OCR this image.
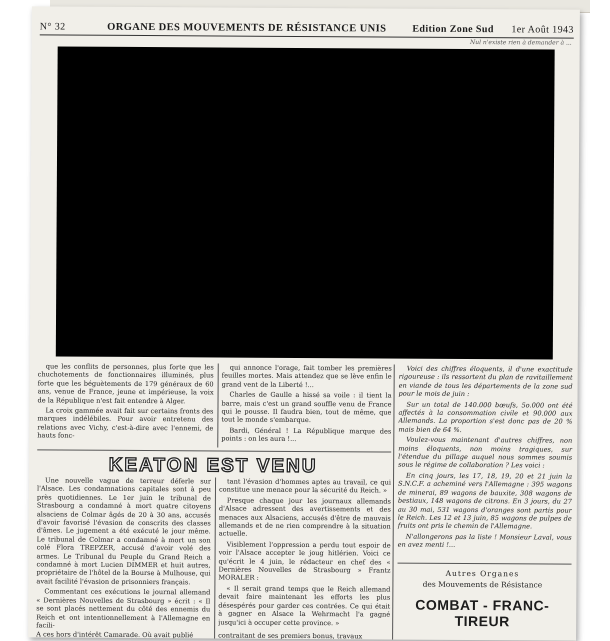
N° 32	ORGANE DES MOUVEMENTS DE RÉSISTANCE UNIS	Edition Zone Sud	1er Août 1943
Nul n'existe rien à demander à ...

que les conflits de personnes, plus forte que les chuchotements de fonctionnaires illuminés, plus forte que les béguètements de 179 généraux de 60 ans, venue de France, jeune et impérieuse, la voix de la République n'est fait entendre à Alger.

La croix gammée avait fait sur certains fronts des marques indélébiles. Pour avoir entretenu des relations avec Vichy, c'est-à-dire avec l'ennemi, de hauts fonc-

qui annonce l'orage, fait tomber les premières feuilles mortes. Mais attendez que se lève enfin le grand vent de la Liberté !...

Charles de Gaulle a hissé sa voile : il tient la barre, mais c'est un grand souffle venu de France qui le pousse. Il faudra bien, tout de même, que tout le monde s'embarque.

Bardi, Général ! La République marque des points : on les aura !...

KEATON EST VENU

Une nouvelle vague de terreur déferle sur l'Alsace. Les condamnations capitales sont à peu près quotidiennes. Le 1er juin le tribunal de Strasbourg a condamné à mort quatre citoyens alsaciens de Colmar âgés de 20 à 30 ans, accusés d'avoir favorisé l'évasion de conscrits des classes d'âmes. Le jugement a été exécuté le jour même. Le tribunal de Colmar a condamné à mort un son colé Flora TREPZER, accusé d'avoir volé des armes. Le Tribunal du Peuple du Grand Reich a condamné à mort Lucien DIMMER et huit autres, propriétaire de l'hôtel de la Bourse à Mulhouse, qui avait facilité l'évasion de prisonniers français.

Commentant ces exécutions le journal allemand « Dernières Nouvelles de Strasbourg » écrit : « Il se sont placés nettement du côté des ennemis du Reich et ont intentionnellement à l'Allemagne en facili-

tant l'évasion d'hommes aptes au travail, ce qui constitue une menace pour la sécurité du Reich. »

Presque chaque jour les journaux allemands d'Alsace adressent des avertissements et des menaces aux Alsaciens, accusés d'être de mauvais allemands et de ne rien comprendre à la situation actuelle.

Visiblement l'oppression a perdu tout espoir de voir l'Alsace accepter le joug hitlérien. Voici ce qu'écrit le 4 juin, le rédacteur en chef des « Dernières Nouvelles de Strasbourg » Frantz MORALER :

« Il serait grand temps que le Reich allemand devait faire maintenant les efforts les plus désespérés pour garder ces contrées. Ce qui était à gagner en Alsace la Wehrmacht l'a gagné jusqu'ici à occuper cette province. »

Voici des chiffres éloquents, il d'une exactitude rigoureuse : ils ressortent du plan de ravitaillement en viande de tous les départements de la zone sud pour le mois de juin :

Sur un total de 140.000 bœufs, 5o.000 ont été affectés à la consommation civile et 90.000 aux Allemands. La proportion s'est donc pas de 20 % mais bien de 64 %.

Voulez-vous maintenant d'autres chiffres, non moins éloquents, non moins tragiques, sur l'étendue du pillage auquel nous sommes soumis sous le régime de collaboration ? Les voici :

En cinq jours, les 17, 18, 19, 20 et 21 juin la S.N.C.F. a acheminé vers l'Allemagne : 395 wagons de minerai, 89 wagons de bauxite, 308 wagons de bestiaux, 148 wagons de citrons. En 3 jours, du 27 au 30 mai, 531 wagons d'oranges sont partis pour le Reich. Les 12 et 13 juin, 85 wagons de pulpes de fruits ont pris le chemin de l'Allemagne.

N'allongerons pas la liste ! Monsieur Laval, vous en avez menti !...

Autres Organes
des Mouvements de Résistance
COMBAT - FRANC-TIREUR
A ces hors d'intérêt Camarade. Où avait publié	contraitant de ses premiers bonus, travaux
